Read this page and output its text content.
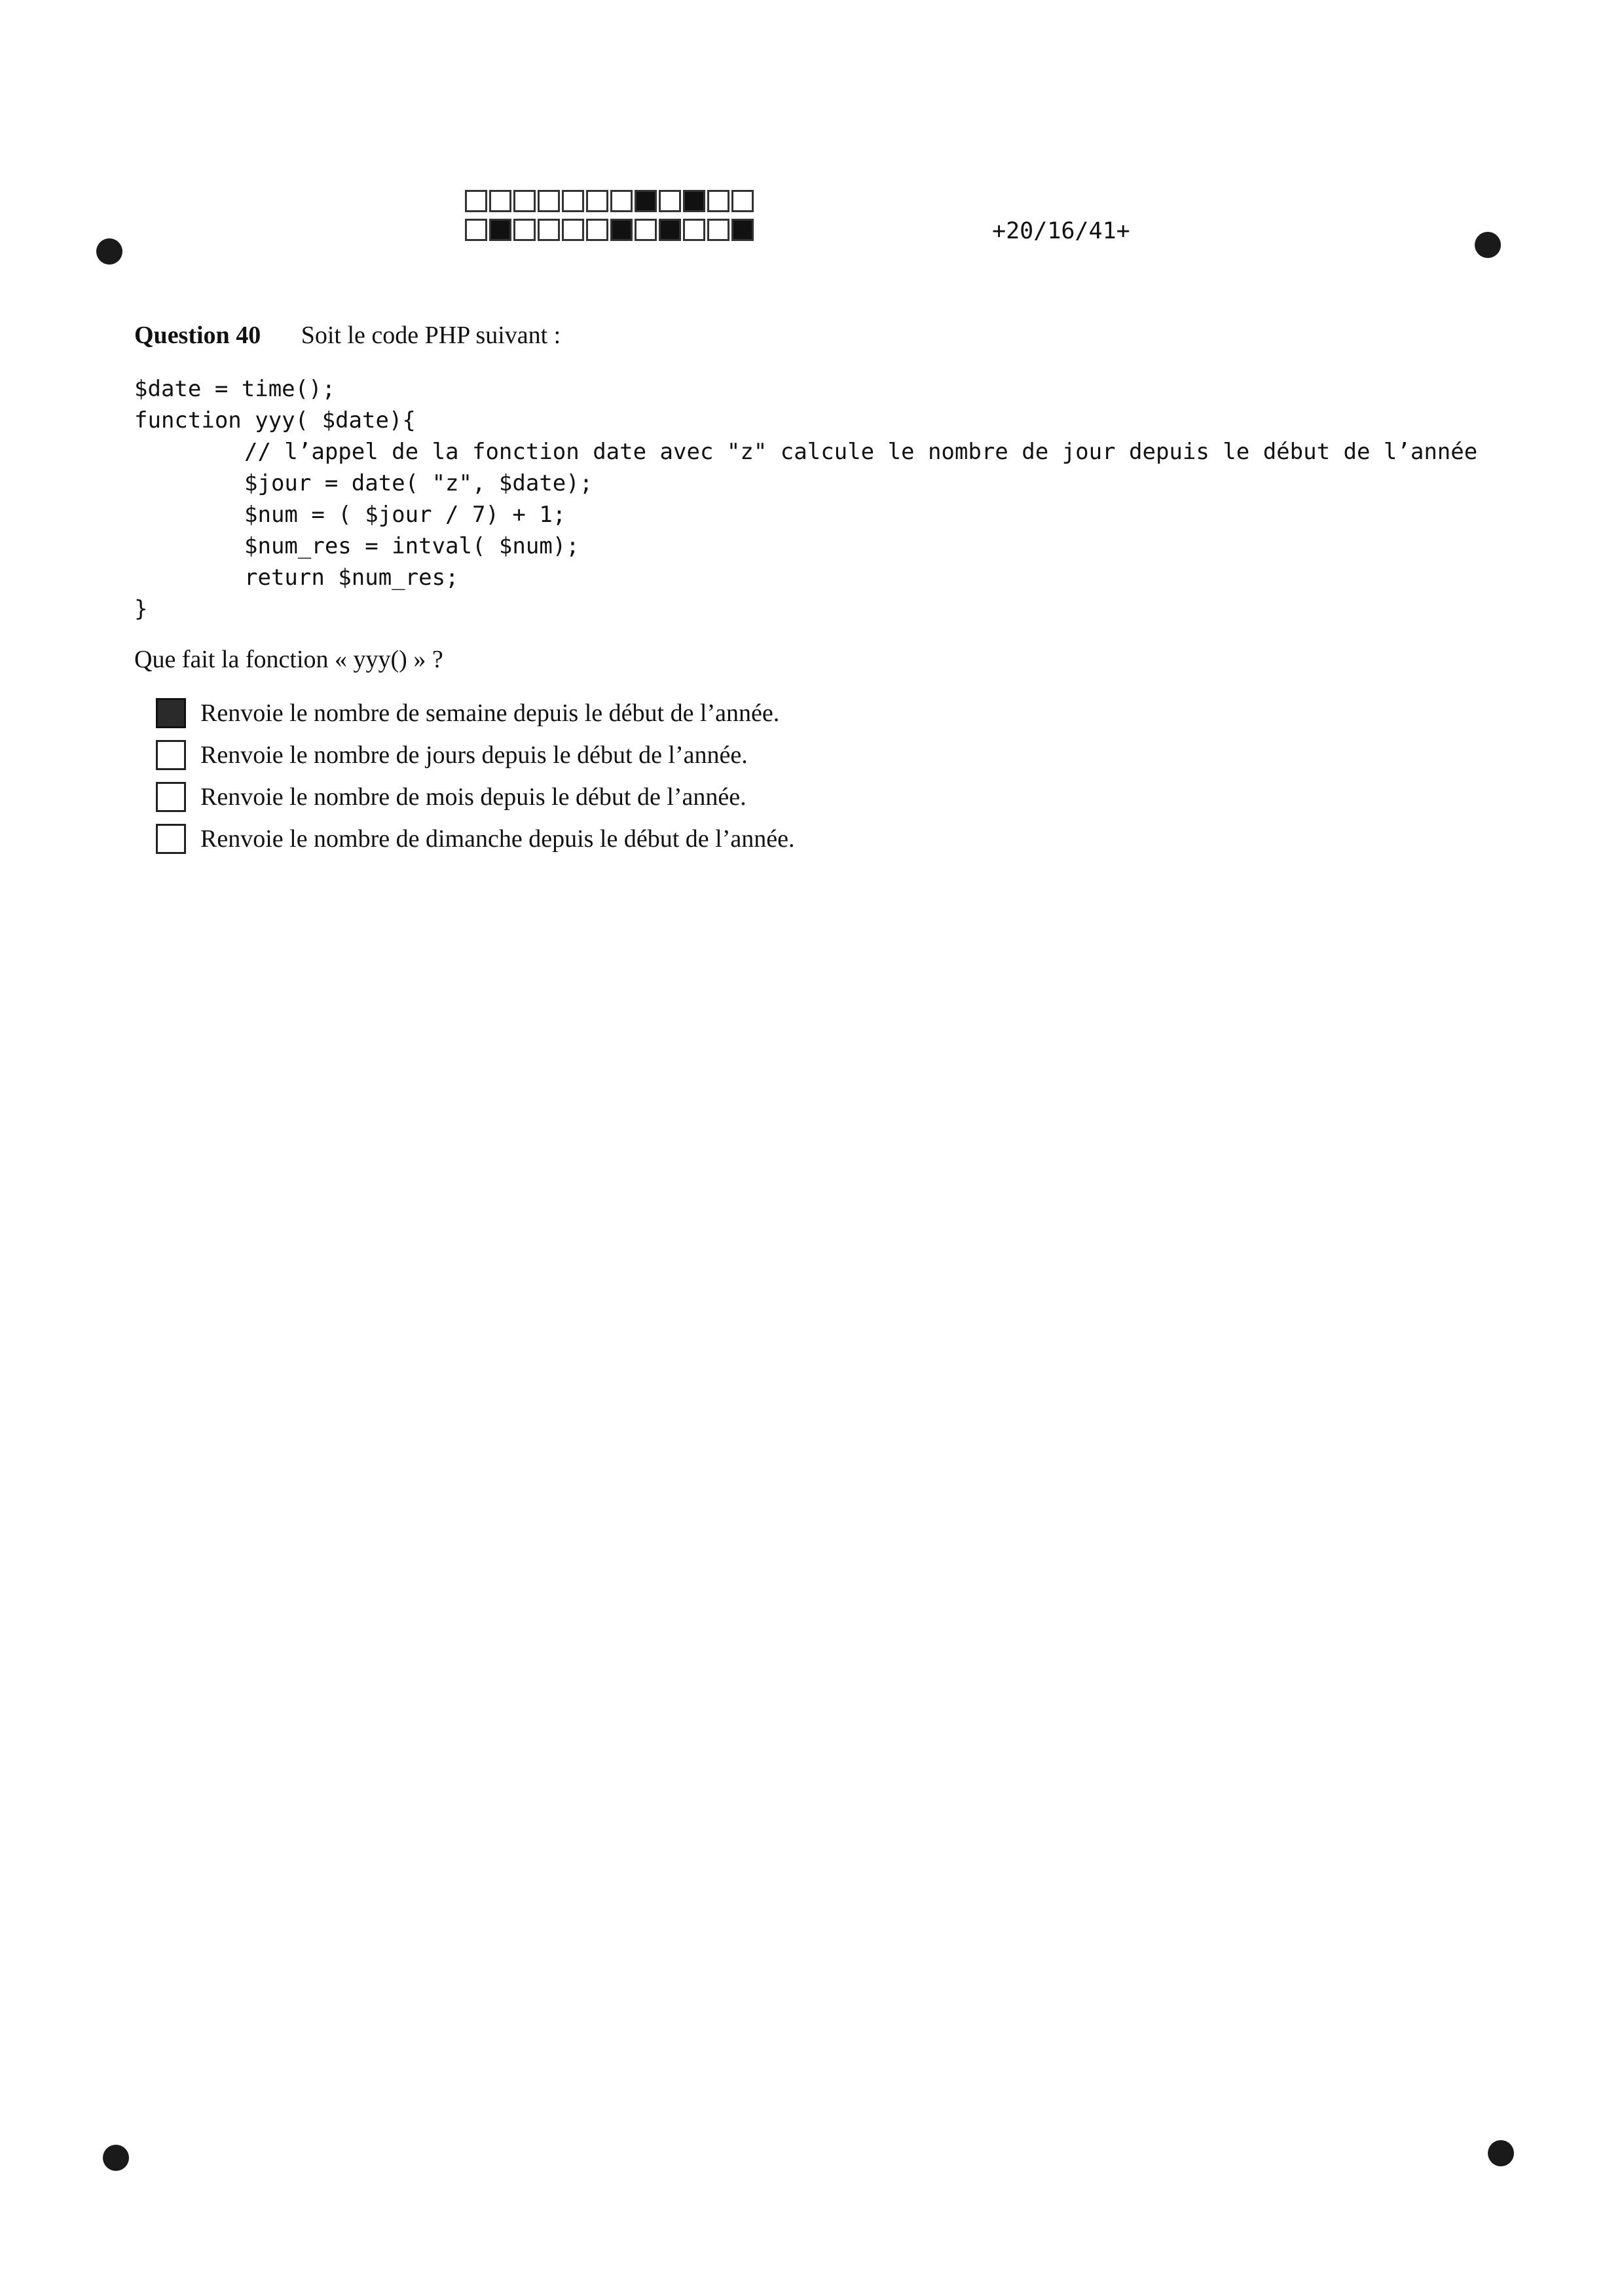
+20/16/41+
Question 40 Soit le code PHP suivant :
$date = time();
function yyy( $date){
// l’appel de la fonction date avec "z" calcule le nombre de jour depuis le début de l’année
$jour = date( "z", $date);
$num = ( $jour / 7) + 1;
$num_res = intval( $num);
return $num_res;
}
Que fait la fonction « yyy() » ?
Renvoie le nombre de semaine depuis le début de l’année.
Renvoie le nombre de jours depuis le début de l’année.
Renvoie le nombre de mois depuis le début de l’année.
Renvoie le nombre de dimanche depuis le début de l’année.
